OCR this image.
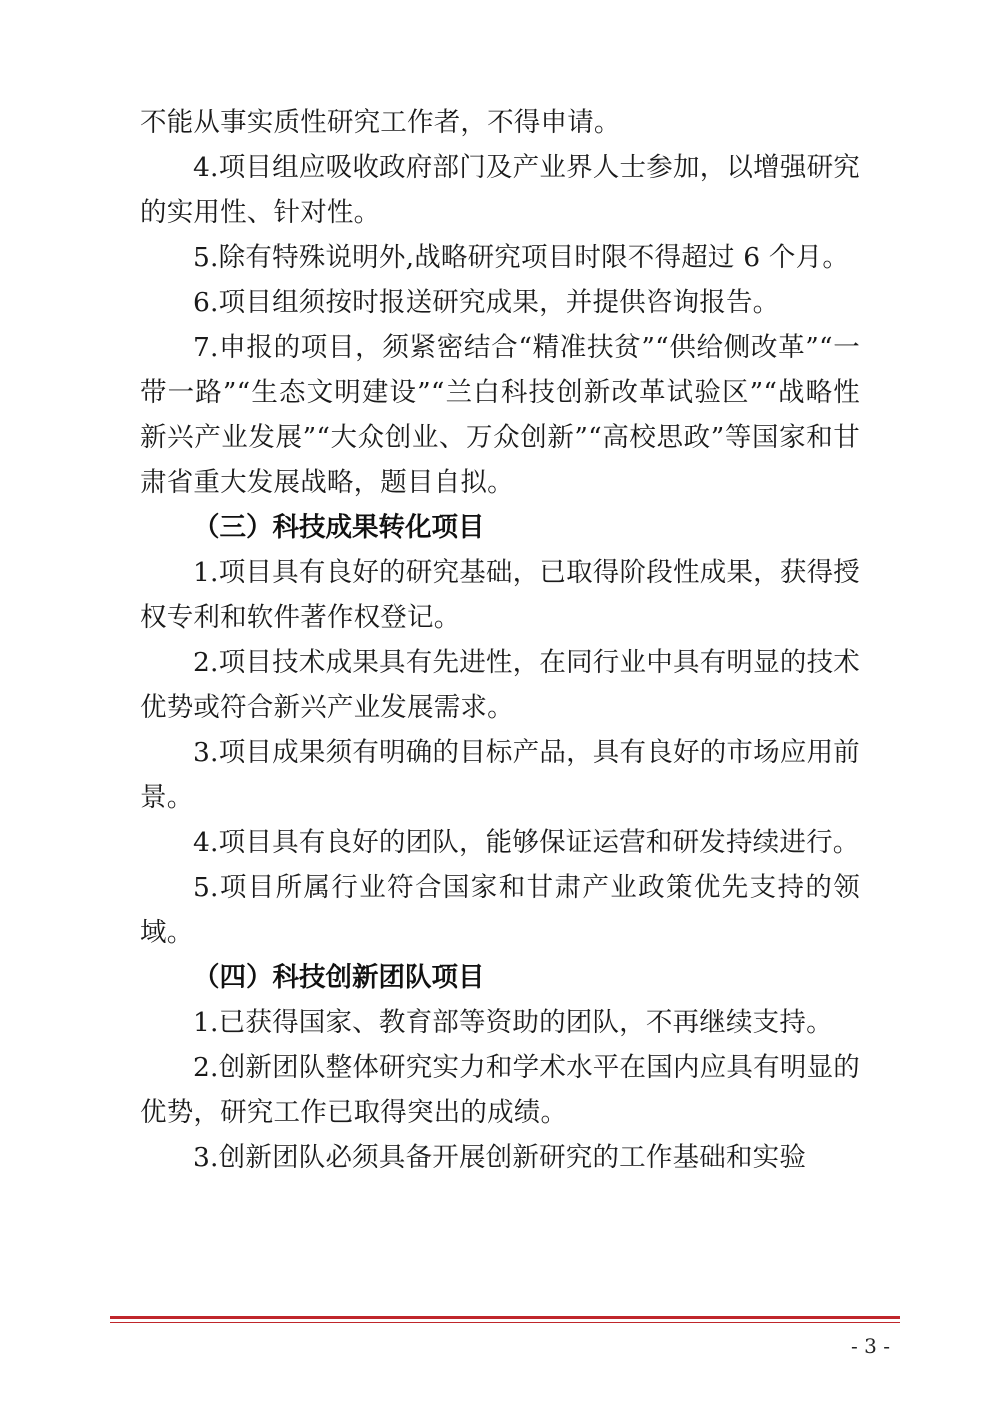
不能从事实质性研究工作者，不得申请。

4.项目组应吸收政府部门及产业界人士参加，以增强研究的实用性、针对性。

5.除有特殊说明外,战略研究项目时限不得超过 6 个月。

6.项目组须按时报送研究成果，并提供咨询报告。

7.申报的项目，须紧密结合“精准扶贫”“供给侧改革”“一带一路”“生态文明建设”“兰白科技创新改革试验区”“战略性新兴产业发展”“大众创业、万众创新”“高校思政”等国家和甘肃省重大发展战略，题目自拟。

（三）科技成果转化项目

1.项目具有良好的研究基础，已取得阶段性成果，获得授权专利和软件著作权登记。

2.项目技术成果具有先进性，在同行业中具有明显的技术优势或符合新兴产业发展需求。

3.项目成果须有明确的目标产品，具有良好的市场应用前景。

4.项目具有良好的团队，能够保证运营和研发持续进行。

5.项目所属行业符合国家和甘肃产业政策优先支持的领域。

（四）科技创新团队项目

1.已获得国家、教育部等资助的团队，不再继续支持。

2.创新团队整体研究实力和学术水平在国内应具有明显的优势，研究工作已取得突出的成绩。

3.创新团队必须具备开展创新研究的工作基础和实验

- 3 -
